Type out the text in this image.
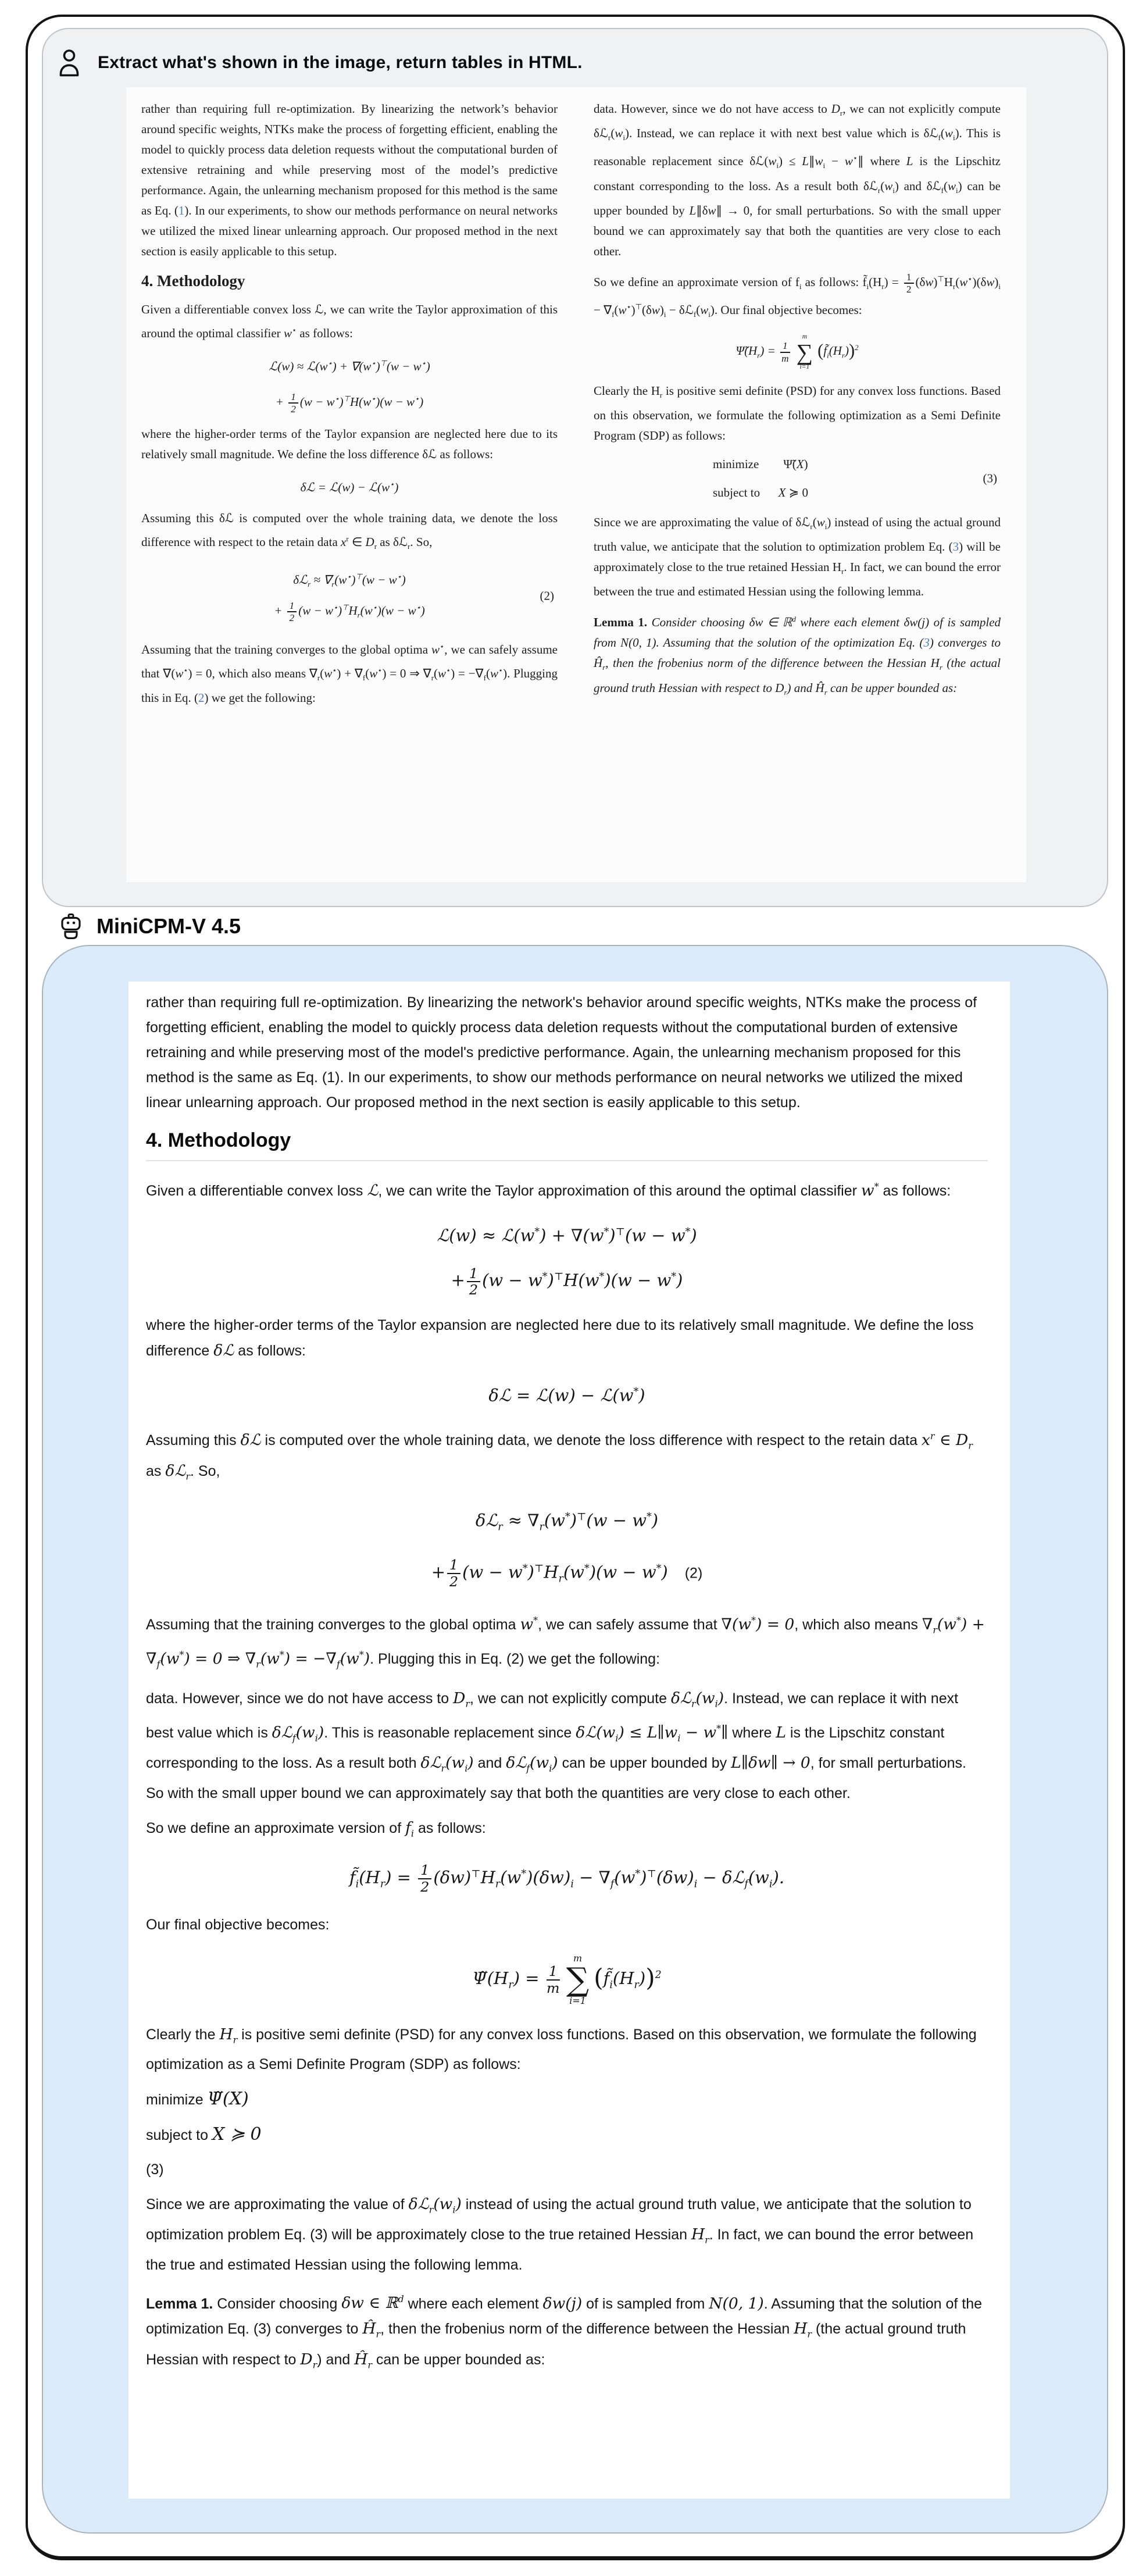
Extract what's shown in the image, return tables in HTML.

rather than requiring full re-optimization. By linearizing the network’s behavior around specific weights, NTKs make the process of forgetting efficient, enabling the model to quickly process data deletion requests without the computational burden of extensive retraining and while preserving most of the model’s predictive performance. Again, the unlearning mechanism proposed for this method is the same as Eq. (1). In our experiments, to show our methods performance on neural networks we utilized the mixed linear unlearning approach. Our proposed method in the next section is easily applicable to this setup.

4. Methodology

Given a differentiable convex loss ℒ, we can write the Taylor approximation of this around the optimal classifier w⋆ as follows:

ℒ(w) ≈ ℒ(w⋆) + ∇(w⋆)⊤(w − w⋆)
+ $\frac{1}{2} (w - w^⋆)^⊤H(w^⋆)(w - w^⋆)$

where the higher-order terms of the Taylor expansion are neglected here due to its relatively small magnitude. We define the loss difference δℒ as follows:

δℒ = ℒ(w) − ℒ(w⋆)

Assuming this δℒ is computed over the whole training data, we denote the loss difference with respect to the retain data $x^r$ ∈ $D_r$ as δℒ$_r$. So,

δℒ$_r$ ≈ $\nabla_r(w^⋆)^⊤(w - w^⋆)$
+ $\frac{1}{2} (w - w^⋆)^⊤H_r(w^⋆)(w - w^⋆)$
(2)

Assuming that the training converges to the global optima w⋆, we can safely assume that ∇(w⋆) = 0, which also means $\nabla_r(w^⋆) + \nabla_f(w^⋆) = 0$ ⇒ $\nabla_r(w^⋆) = -\nabla_f(w^⋆)$. Plugging this in Eq. (2) we get the following:

data. However, since we do not have access to $D_r$, we can not explicitly compute $\delta ℒ_r(w_i)$. Instead, we can replace it with next best value which is $\delta ℒ_f(w_i)$. This is reasonable replacement since $\delta ℒ(w_i)$ ≤ $L\parallel w_i$ − w⋆∥ where L is the Lipschitz constant corresponding to the loss. As a result both $\delta ℒ_r(w_i)$ and $\delta ℒ_f(w_i)$ can be upper bounded by L∥δw∥ → 0, for small perturbations. So with the small upper bound we can approximately say that both the quantities are very close to each other.

So we define an approximate version of $f_i$ as follows: $f̃_i(H_r) = \frac{1}{2} (\delta w)^⊤H_r(w^⋆)(\delta w)_i - \nabla_f(w^⋆)^⊤(\delta w)_i$ − $\delta ℒ_f(w_i)$. Our final objective becomes:

$\Psĩ(H_r) = \frac{1}{m}$
m
∑
i=1
$(f̃_i(H_r))^2$

Clearly the $H_r$ is positive semi definite (PSD) for any convex loss functions. Based on this observation, we formulate the following optimization as a Semi Definite Program (SDP) as follows:

minimize  Ψ̃(X)
subject to  X ≽ 0
(3)

Since we are approximating the value of $\delta ℒ_r(w_i)$ instead of using the actual ground truth value, we anticipate that the solution to optimization problem Eq. (3) will be approximately close to the true retained Hessian $H_r$. In fact, we can bound the error between the true and estimated Hessian using the following lemma.

Lemma 1. Consider choosing δw ∈ ℝ$^d$ where each element δw(j) of is sampled from N(0, 1). Assuming that the solution of the optimization Eq. (3) converges to $Ĥ_r$, then the frobenius norm of the difference between the Hessian $H_r$ (the actual ground truth Hessian with respect to $D_r$) and $Ĥ_r$ can be upper bounded as:

MiniCPM-V 4.5

rather than requiring full re-optimization. By linearizing the network's behavior around specific weights, NTKs make the process of forgetting efficient, enabling the model to quickly process data deletion requests without the computational burden of extensive retraining and while preserving most of the model's predictive performance. Again, the unlearning mechanism proposed for this method is the same as Eq. (1). In our experiments, to show our methods performance on neural networks we utilized the mixed linear unlearning approach. Our proposed method in the next section is easily applicable to this setup.

4. Methodology

Given a differentiable convex loss ℒ, we can write the Taylor approximation of this around the optimal classifier w* as follows:

ℒ(w) ≈ ℒ(w*) + ∇(w*)⊤(w − w*)
+ $\frac{1}{2} (w - w^*)^⊤H(w^*)(w - w^*)$

where the higher-order terms of the Taylor expansion are neglected here due to its relatively small magnitude. We define the loss difference δℒ as follows:

δℒ = ℒ(w) − ℒ(w*)

Assuming this δℒ is computed over the whole training data, we denote the loss difference with respect to the retain data $x^r$ ∈ $D_r$ as δℒ$_r$. So,

δℒ$_r$ ≈ $\nabla_r(w^*)^⊤(w - w^*)$
+ $\frac{1}{2} (w - w^*)^⊤H_r(w^*)(w - w^*)$  (2)

Assuming that the training converges to the global optima w*, we can safely assume that ∇(w*) = 0, which also means $\nabla_r(w^*) + \nabla_f(w^*) = 0$ ⇒ $\nabla_r(w^*) = -\nabla_f(w^*)$. Plugging this in Eq. (2) we get the following:

data. However, since we do not have access to $D_r$, we can not explicitly compute $\delta ℒ_r(w_i)$. Instead, we can replace it with next best value which is $\delta ℒ_f(w_i)$. This is reasonable replacement since $\delta ℒ(w_i)$ ≤ $L\parallel w_i$ − w*∥ where L is the Lipschitz constant corresponding to the loss. As a result both $\delta ℒ_r(w_i)$ and $\delta ℒ_f(w_i)$ can be upper bounded by L∥δw∥ → 0, for small perturbations. So with the small upper bound we can approximately say that both the quantities are very close to each other.

So we define an approximate version of $f_i$ as follows:

$f̃_i(H_r) = \frac{1}{2} (\delta w)^⊤H_r(w^*)(\delta w)_i - \nabla_f(w^*)^⊤(\delta w)_i$ − $\delta ℒ_f(w_i)$.

Our final objective becomes:

$\Psĩ(H_r) = \frac{1}{m}$
m
∑
i=1
$(f̃_i(H_r))^2$

Clearly the $H_r$ is positive semi definite (PSD) for any convex loss functions. Based on this observation, we formulate the following optimization as a Semi Definite Program (SDP) as follows:

minimize Ψ̃(X)

subject to X ≽ 0

(3)

Since we are approximating the value of $\delta ℒ_r(w_i)$ instead of using the actual ground truth value, we anticipate that the solution to optimization problem Eq. (3) will be approximately close to the true retained Hessian $H_r$. In fact, we can bound the error between the true and estimated Hessian using the following lemma.

Lemma 1. Consider choosing δw ∈ ℝ$^d$ where each element δw(j) of is sampled from N(0, 1). Assuming that the solution of the optimization Eq. (3) converges to $Ĥ_r$, then the frobenius norm of the difference between the Hessian $H_r$ (the actual ground truth Hessian with respect to $D_r$) and $Ĥ_r$ can be upper bounded as:
